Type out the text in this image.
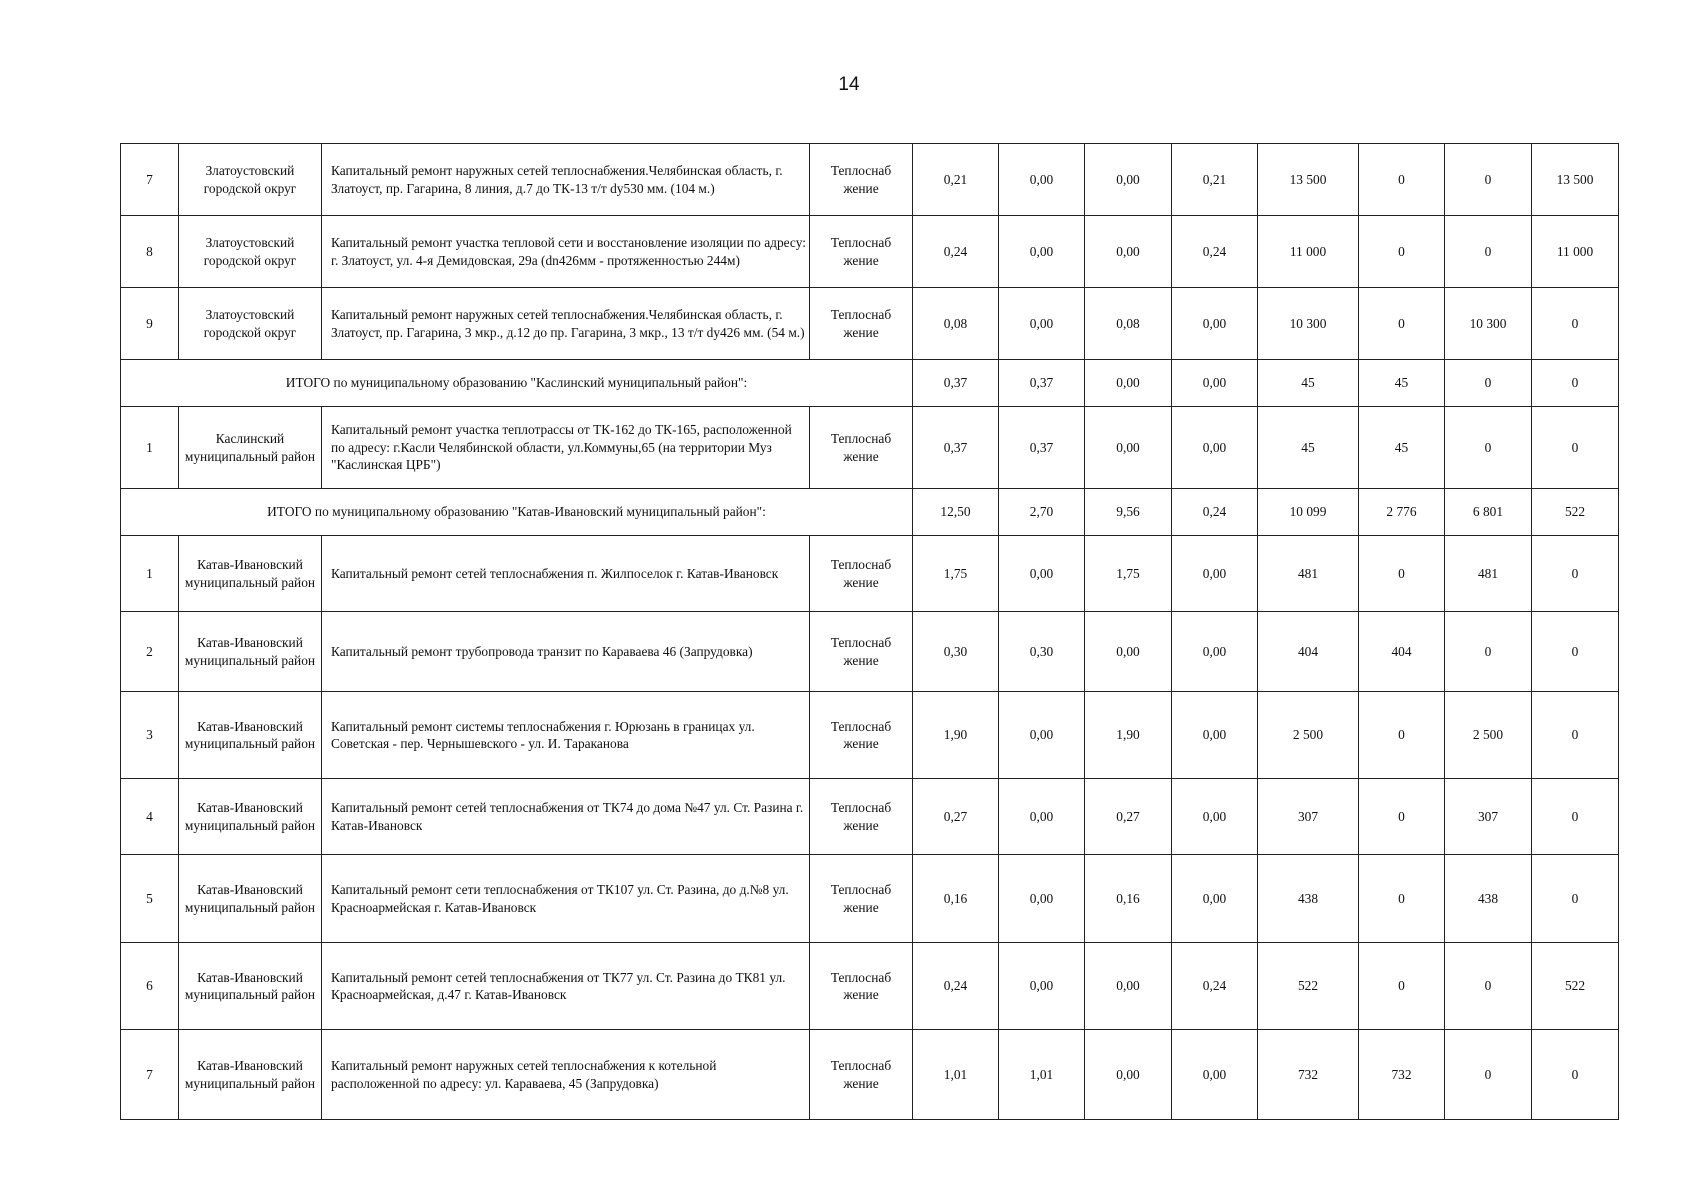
14
7	Златоустовский городской округ	Капитальный ремонт наружных сетей теплоснабжения.Челябинская область, г. Златоуст, пр. Гагарина, 8 линия, д.7 до ТК-13 т/т dу530 мм. (104 м.)	Теплоснаб жение	0,21	0,00	0,00	0,21	13 500	0	0	13 500
8	Златоустовский городской округ	Капитальный ремонт участка тепловой сети и восстановление изоляции по адресу: г. Златоуст, ул. 4-я Демидовская, 29а (dn426мм - протяженностью 244м)	Теплоснаб жение	0,24	0,00	0,00	0,24	11 000	0	0	11 000
9	Златоустовский городской округ	Капитальный ремонт наружных сетей теплоснабжения.Челябинская область, г. Златоуст, пр. Гагарина, 3 мкр., д.12 до пр. Гагарина, 3 мкр., 13 т/т dу426 мм. (54 м.)	Теплоснаб жение	0,08	0,00	0,08	0,00	10 300	0	10 300	0
ИТОГО по муниципальному образованию "Каслинский муниципальный район":				0,37	0,37	0,00	0,00	45	45	0	0
1	Каслинский муниципальный район	Капитальный ремонт участка теплотрассы от ТК-162 до ТК-165, расположенной по адресу: г.Касли Челябинской области, ул.Коммуны,65 (на территории Муз "Каслинская ЦРБ")	Теплоснаб жение	0,37	0,37	0,00	0,00	45	45	0	0
ИТОГО по муниципальному образованию "Катав-Ивановский муниципальный район":				12,50	2,70	9,56	0,24	10 099	2 776	6 801	522
1	Катав-Ивановский муниципальный район	Капитальный ремонт сетей теплоснабжения п. Жилпоселок г. Катав-Ивановск	Теплоснаб жение	1,75	0,00	1,75	0,00	481	0	481	0
2	Катав-Ивановский муниципальный район	Капитальный ремонт трубопровода транзит по Караваева 46 (Запрудовка)	Теплоснаб жение	0,30	0,30	0,00	0,00	404	404	0	0
3	Катав-Ивановский муниципальный район	Капитальный ремонт системы теплоснабжения г. Юрюзань в границах ул. Советская - пер. Чернышевского - ул. И. Тараканова	Теплоснаб жение	1,90	0,00	1,90	0,00	2 500	0	2 500	0
4	Катав-Ивановский муниципальный район	Капитальный ремонт сетей теплоснабжения от ТК74 до дома №47 ул. Ст. Разина г. Катав-Ивановск	Теплоснаб жение	0,27	0,00	0,27	0,00	307	0	307	0
5	Катав-Ивановский муниципальный район	Капитальный ремонт сети теплоснабжения от ТК107 ул. Ст. Разина, до д.№8 ул. Красноармейская г. Катав-Ивановск	Теплоснаб жение	0,16	0,00	0,16	0,00	438	0	438	0
6	Катав-Ивановский муниципальный район	Капитальный ремонт сетей теплоснабжения от ТК77 ул. Ст. Разина до ТК81 ул. Красноармейская, д.47 г. Катав-Ивановск	Теплоснаб жение	0,24	0,00	0,00	0,24	522	0	0	522
7	Катав-Ивановский муниципальный район	Капитальный ремонт наружных сетей теплоснабжения к котельной расположенной по адресу: ул. Караваева, 45 (Запрудовка)	Теплоснаб жение	1,01	1,01	0,00	0,00	732	732	0	0
